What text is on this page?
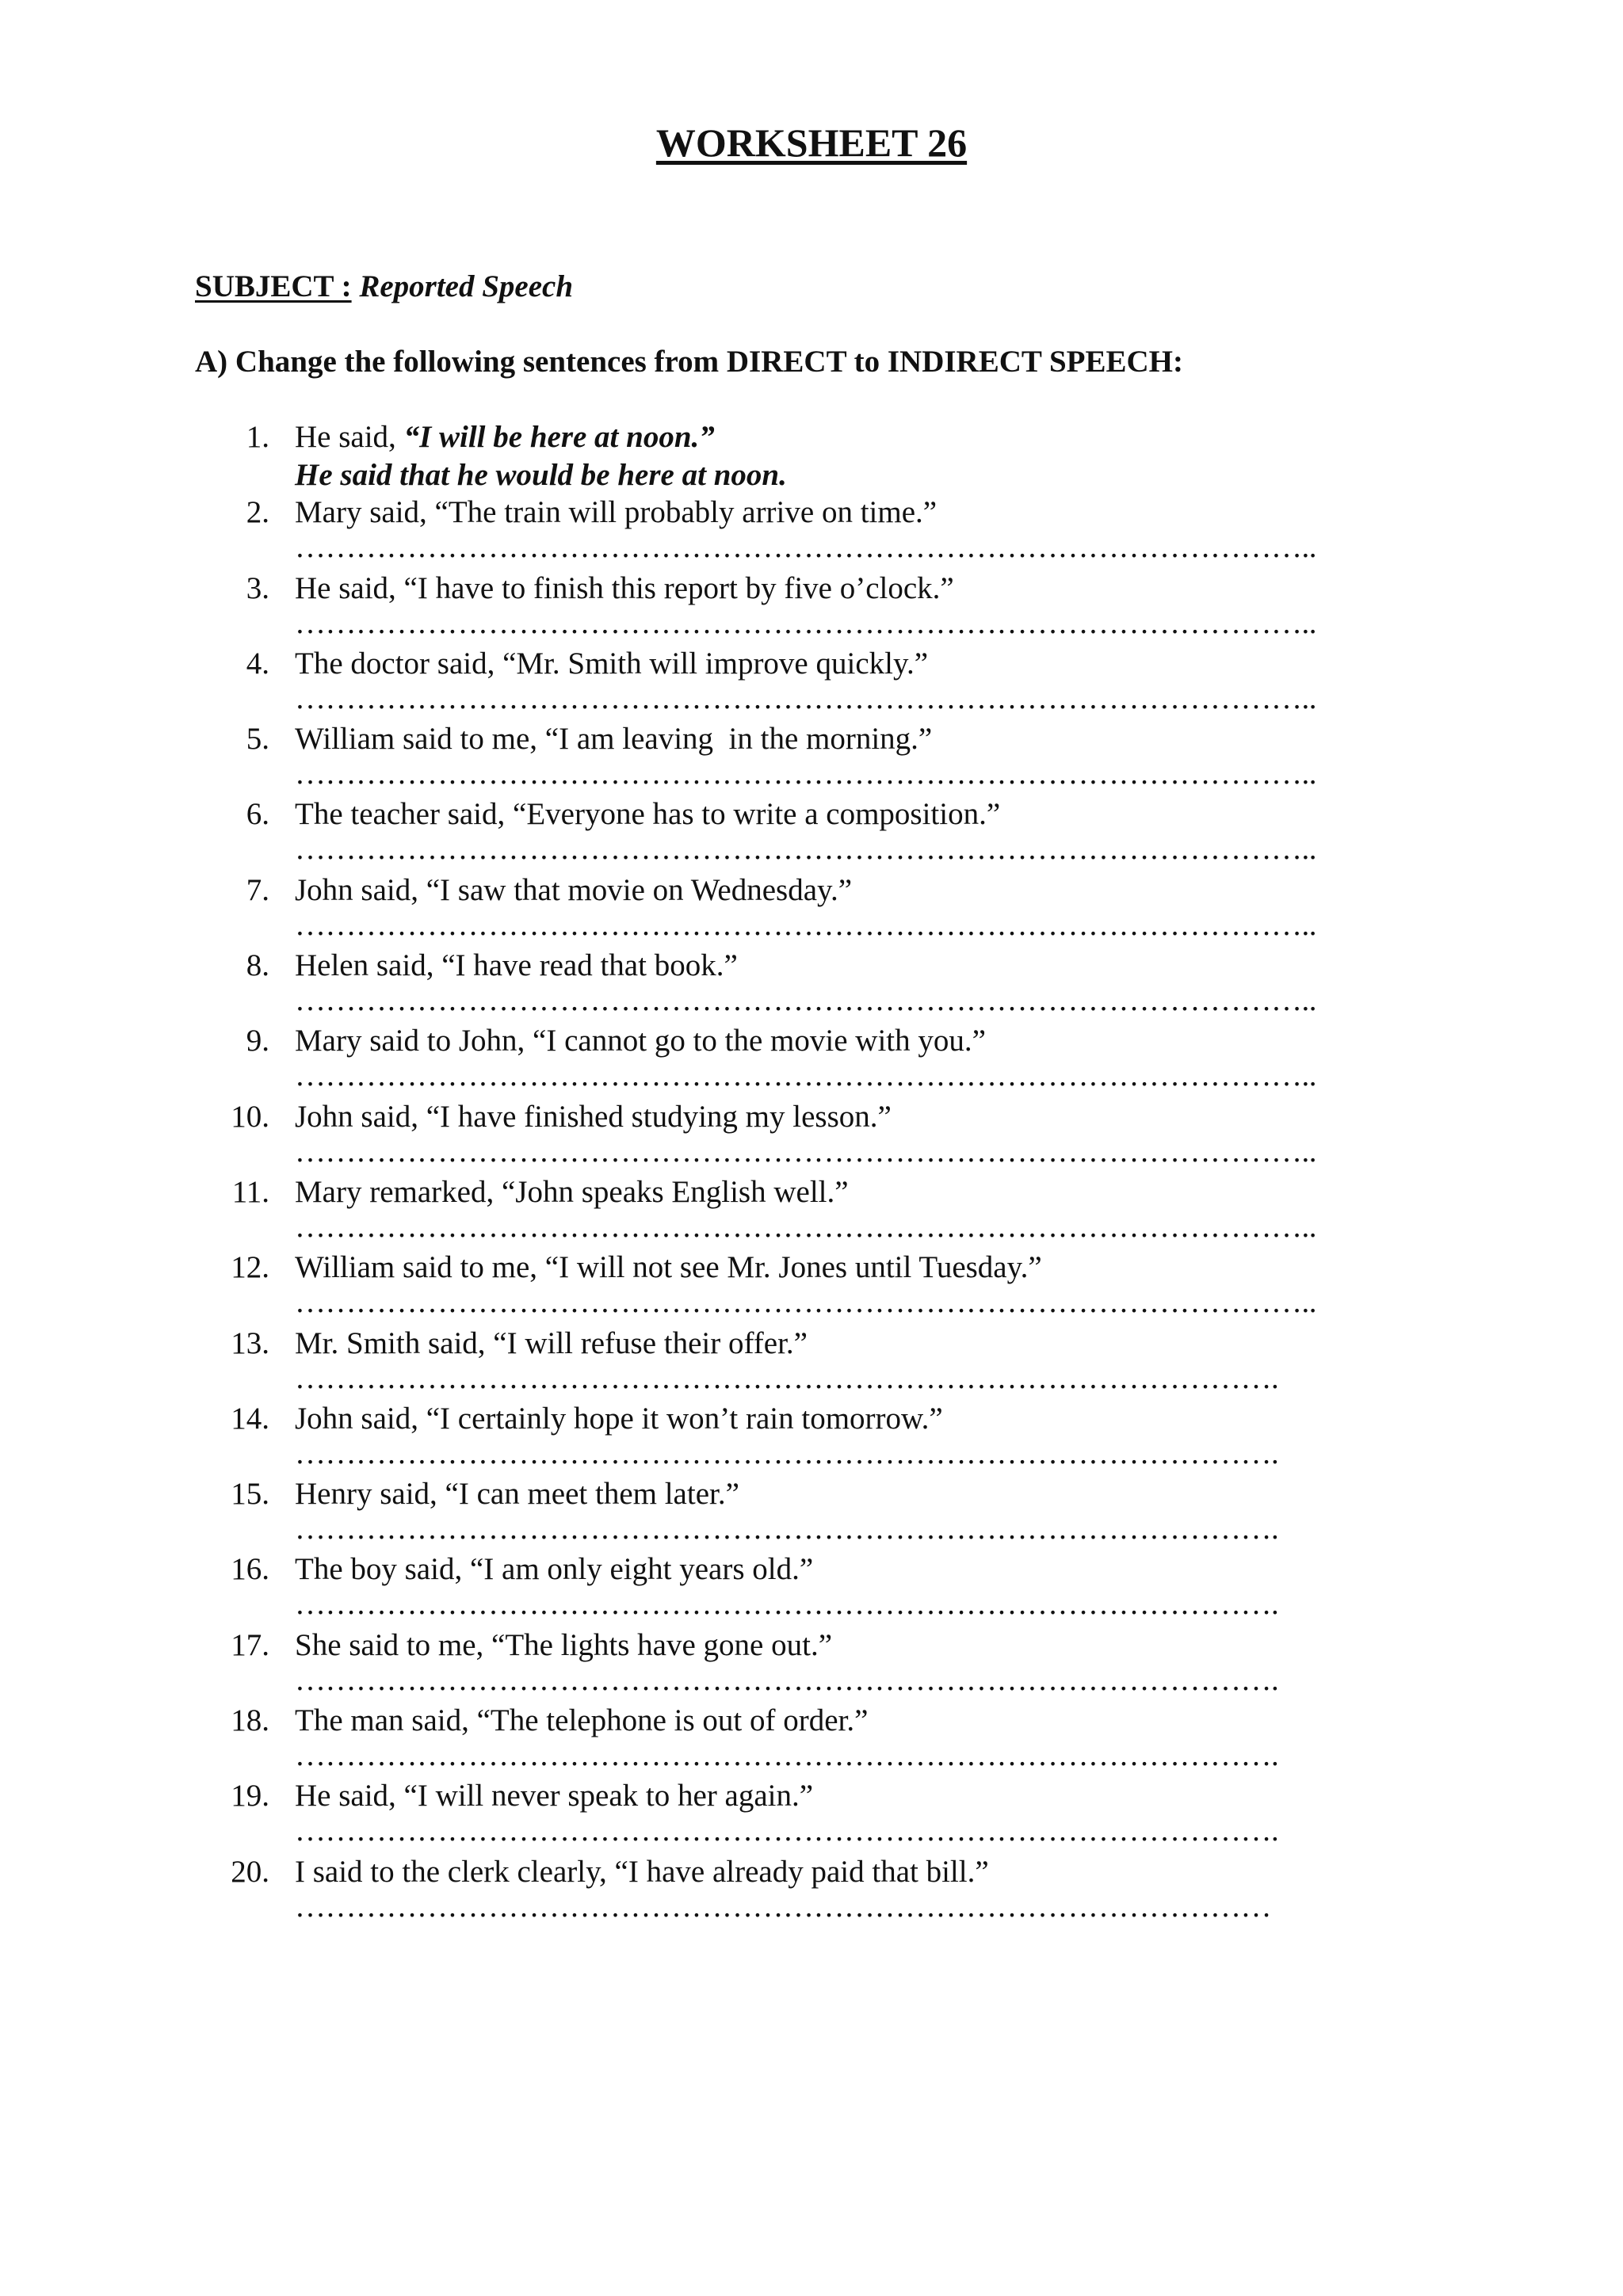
WORKSHEET 26
SUBJECT : Reported Speech
A) Change the following sentences from DIRECT to INDIRECT SPEECH:
1. He said, “I will be here at noon.”
He said that he would be here at noon.
2. Mary said, “The train will probably arrive on time.”
………………………………………………………………………………………..
3. He said, “I have to finish this report by five o’clock.”
………………………………………………………………………………………..
4. The doctor said, “Mr. Smith will improve quickly.”
………………………………………………………………………………………..
5. William said to me, “I am leaving  in the morning.”
………………………………………………………………………………………..
6. The teacher said, “Everyone has to write a composition.”
………………………………………………………………………………………..
7. John said, “I saw that movie on Wednesday.”
………………………………………………………………………………………..
8. Helen said, “I have read that book.”
………………………………………………………………………………………..
9. Mary said to John, “I cannot go to the movie with you.”
………………………………………………………………………………………..
10. John said, “I have finished studying my lesson.”
………………………………………………………………………………………..
11. Mary remarked, “John speaks English well.”
………………………………………………………………………………………..
12. William said to me, “I will not see Mr. Jones until Tuesday.”
………………………………………………………………………………………..
13. Mr. Smith said, “I will refuse their offer.”
…………………………………………………………………………………….
14. John said, “I certainly hope it won’t rain tomorrow.”
…………………………………………………………………………………….
15. Henry said, “I can meet them later.”
…………………………………………………………………………………….
16. The boy said, “I am only eight years old.”
…………………………………………………………………………………….
17. She said to me, “The lights have gone out.”
…………………………………………………………………………………….
18. The man said, “The telephone is out of order.”
…………………………………………………………………………………….
19. He said, “I will never speak to her again.”
…………………………………………………………………………………….
20. I said to the clerk clearly, “I have already paid that bill.”
……………………………………………………………………………………
